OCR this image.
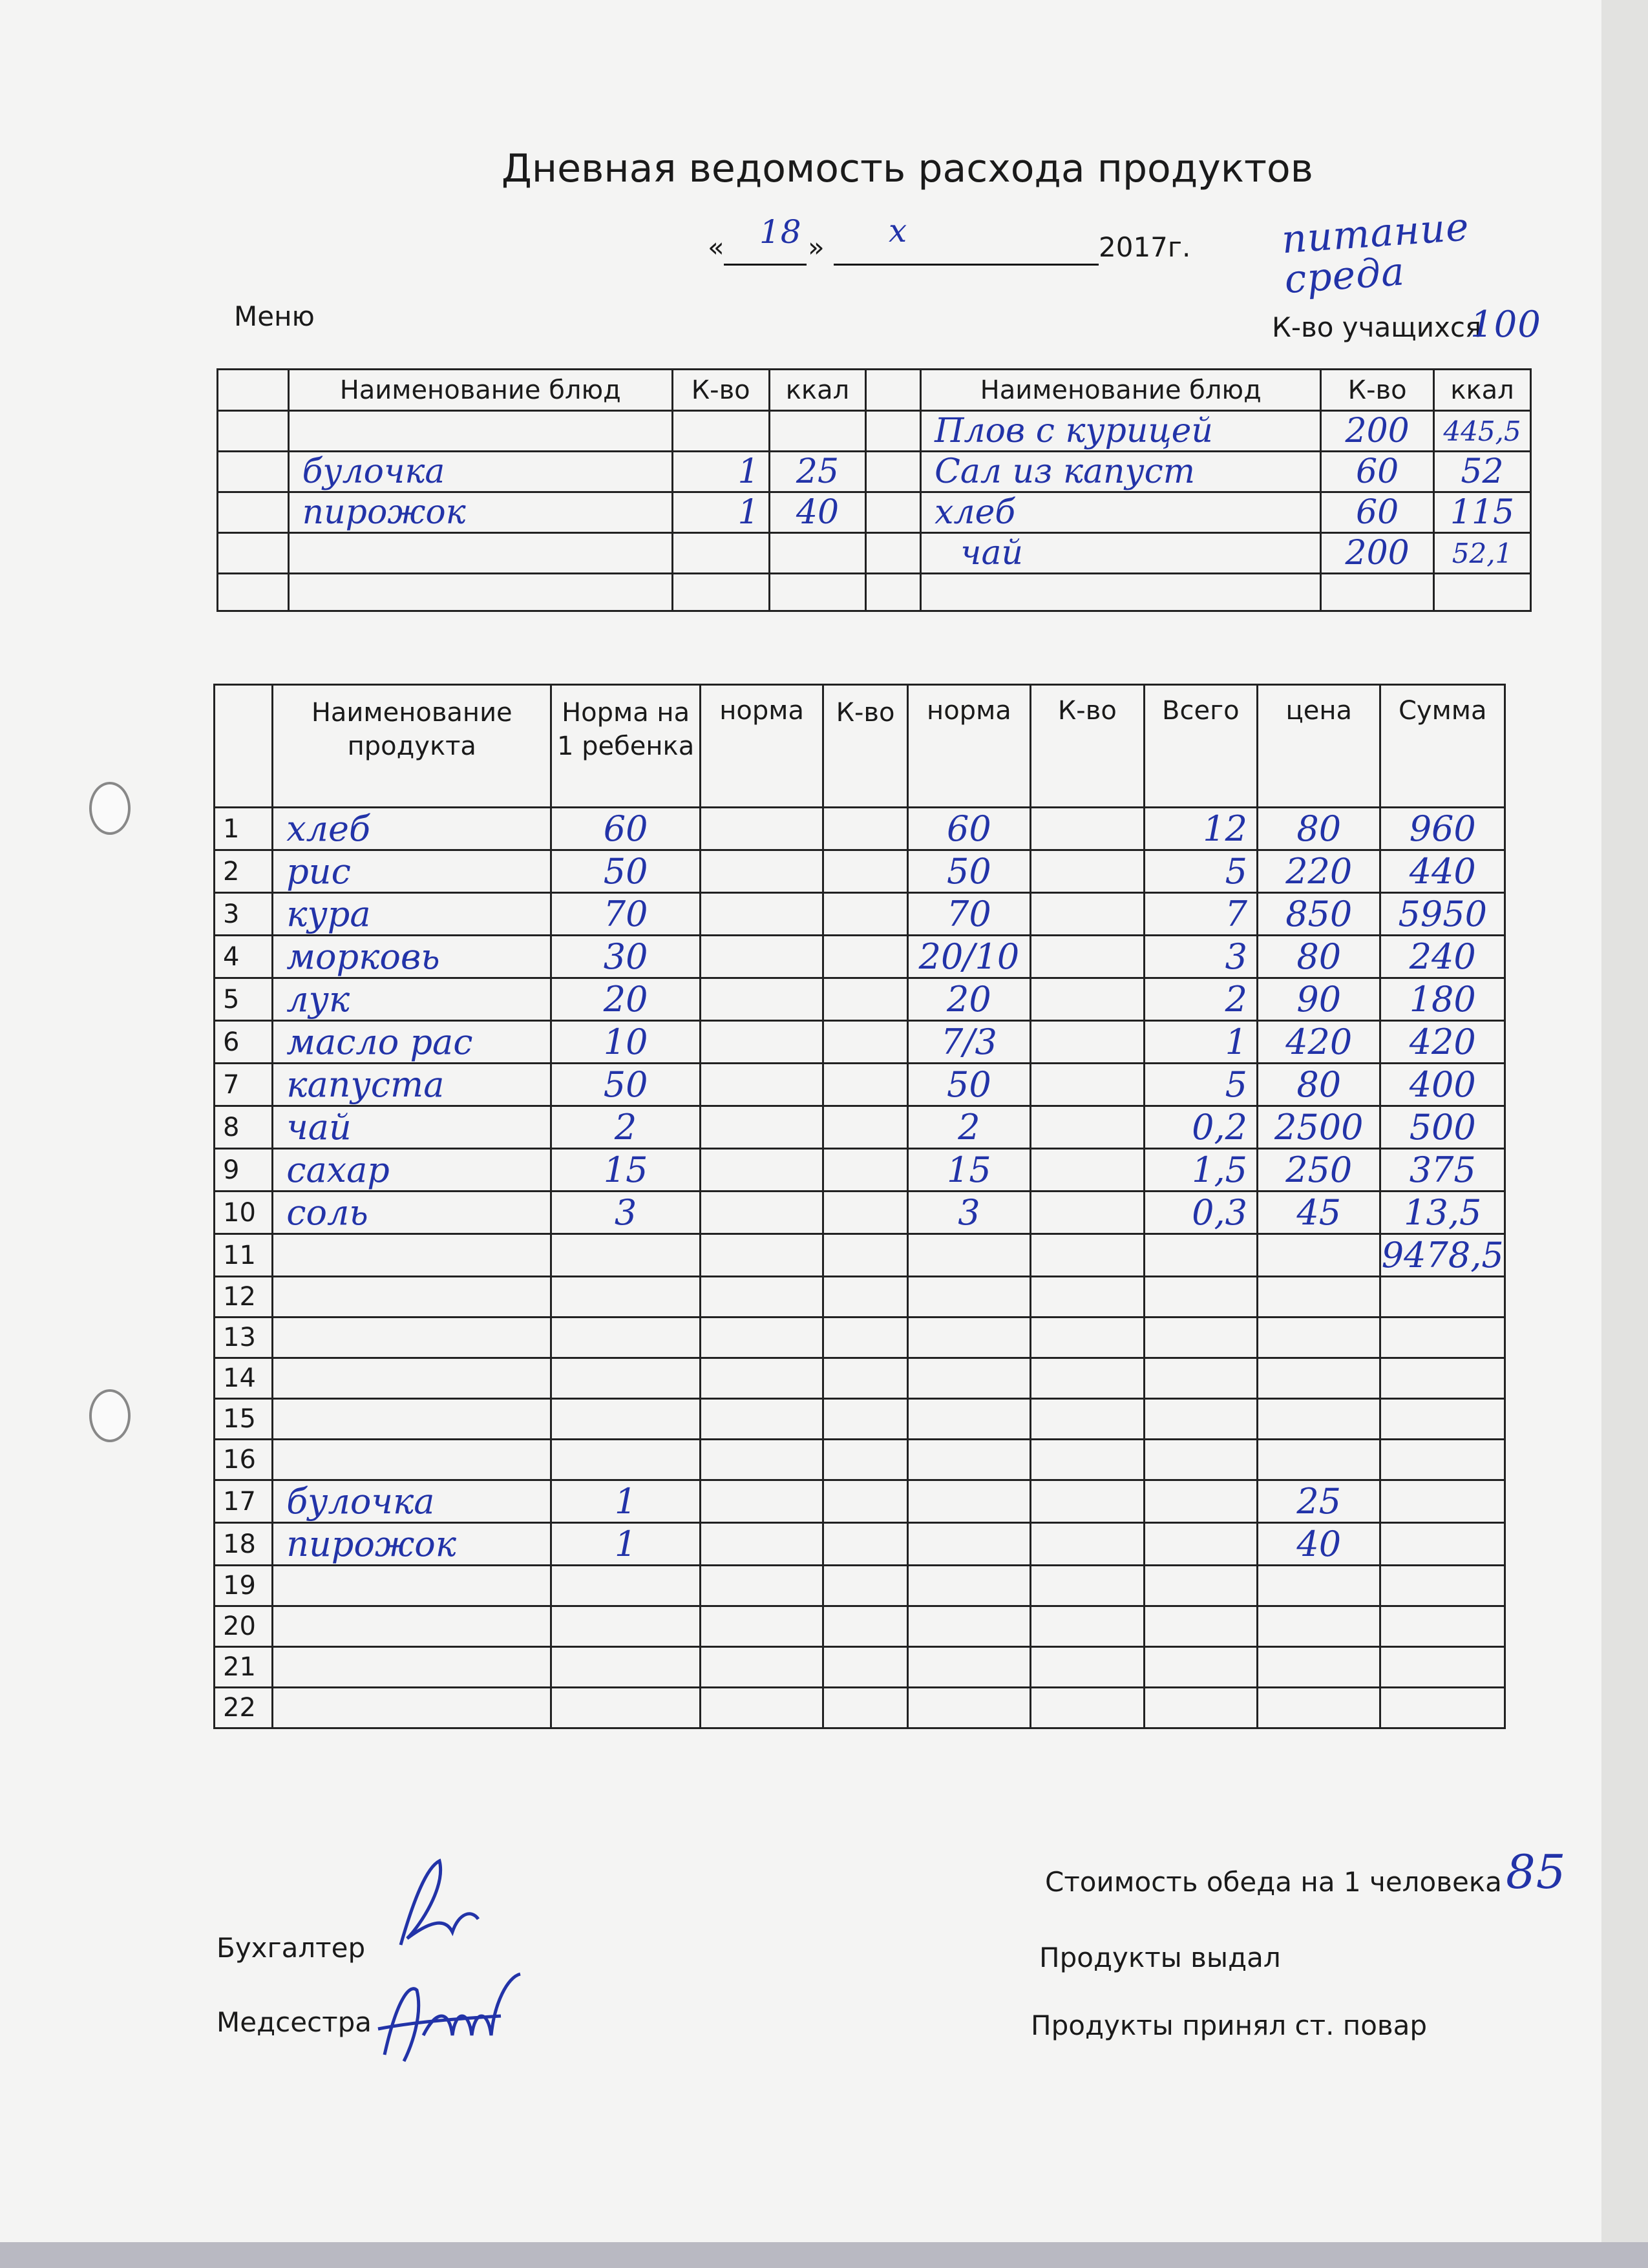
Дневная ведомость расхода продуктов
« 18 » х	2017г. питание среда
Меню	К-во учащихся
100
	Наименование блюд	К-во	ккал		Наименование блюд	К-во	ккал
					Плов с курицей	200	445,5
	булочка	1	25		Сал из капуст	60	52
	пирожок	1	40		хлеб	60	115
					чай	200	52,1

	Наименование продукта	Норма на 1 ребенка	норма	К-во	норма	К-во	Всего	цена	Сумма
1	хлеб	60			60		12	80	960
2	рис	50			50		5	220	440
3	кура	70			70		7	850	5950
4	морковь	30			20/10		3	80	240
5	лук	20			20		2	90	180
6	масло рас	10			7/3		1	420	420
7	капуста	50			50		5	80	400
8	чай	2			2		0,2	2500	500
9	сахар	15			15		1,5	250	375
10	соль	3			3		0,3	45	13,5
11									9478,5
12									
13									
14									
15									
16									
17	булочка	1						25	
18	пирожок	1						40	
19									
20									
21									
22									
Стоимость обеда на 1 человека 85
Бухгалтер	Продукты выдал
Медсестра	Продукты принял ст. повар
